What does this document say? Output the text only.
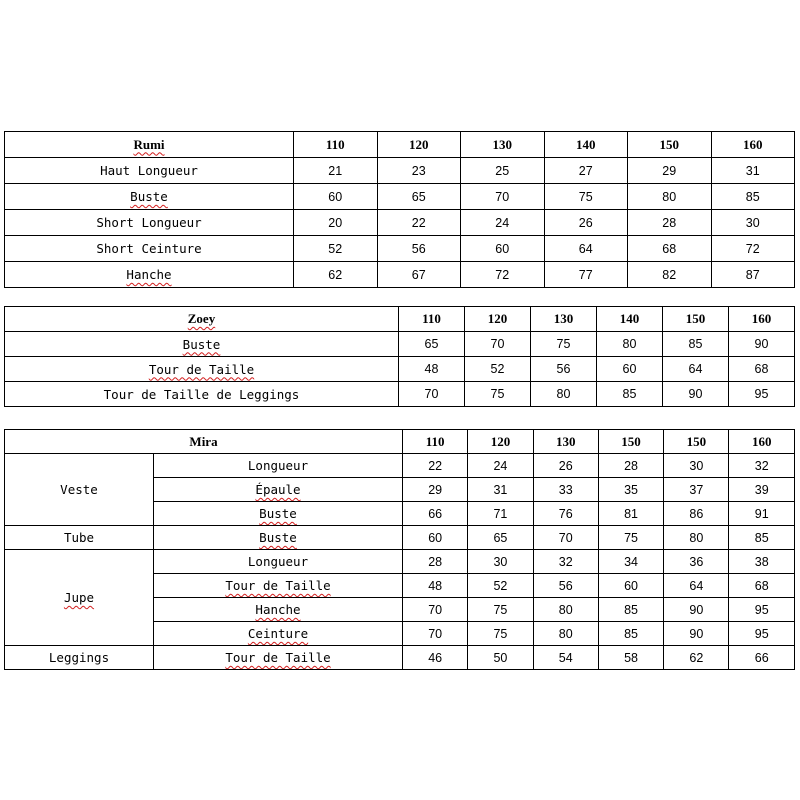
Rumi	110	120	130	140	150	160
Haut Longueur	21	23	25	27	29	31
Buste	60	65	70	75	80	85
Short Longueur	20	22	24	26	28	30
Short Ceinture	52	56	60	64	68	72
Hanche	62	67	72	77	82	87
Zoey	110	120	130	140	150	160
Buste	65	70	75	80	85	90
Tour de Taille	48	52	56	60	64	68
Tour de Taille de Leggings	70	75	80	85	90	95
Mira		110	120	130	150	150	160
Veste	Longueur	22	24	26	28	30	32
	Épaule	29	31	33	35	37	39
	Buste	66	71	76	81	86	91
Tube	Buste	60	65	70	75	80	85
Jupe	Longueur	28	30	32	34	36	38
	Tour de Taille	48	52	56	60	64	68
	Hanche	70	75	80	85	90	95
	Ceinture	70	75	80	85	90	95
Leggings	Tour de Taille	46	50	54	58	62	66
